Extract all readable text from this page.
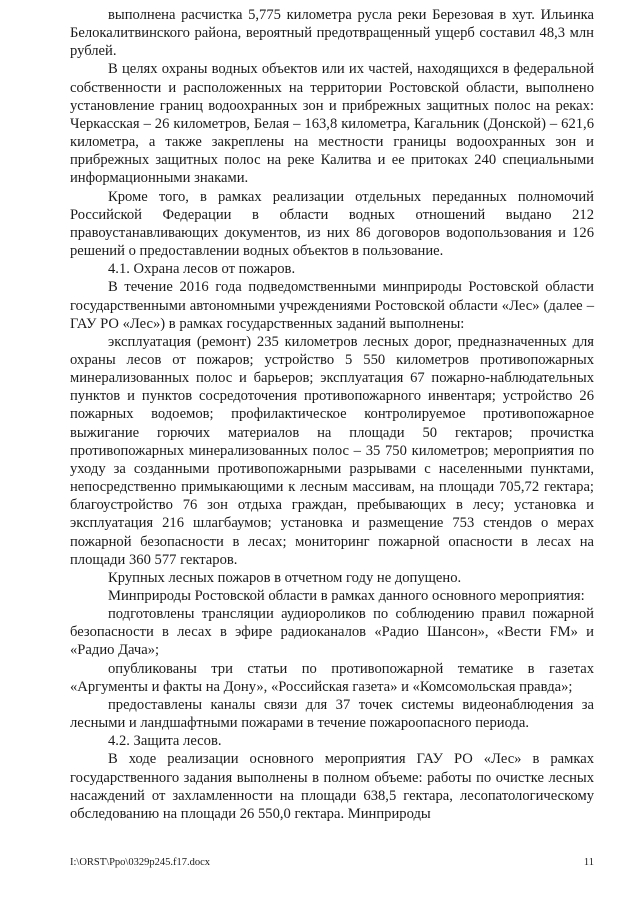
выполнена расчистка 5,775 километра русла реки Березовая в хут. Ильинка Белокалитвинского района, вероятный предотвращенный ущерб составил 48,3 млн рублей.

В целях охраны водных объектов или их частей, находящихся в федеральной собственности и расположенных на территории Ростовской области, выполнено установление границ водоохранных зон и прибрежных защитных полос на реках: Черкасская – 26 километров, Белая – 163,8 километра, Кагальник (Донской) – 621,6 километра, а также закреплены на местности границы водоохранных зон и прибрежных защитных полос на реке Калитва и ее притоках 240 специальными информационными знаками.

Кроме того, в рамках реализации отдельных переданных полномочий Российской Федерации в области водных отношений выдано 212 правоустанавливающих документов, из них 86 договоров водопользования и 126 решений о предоставлении водных объектов в пользование.

4.1. Охрана лесов от пожаров.

В течение 2016 года подведомственными минприроды Ростовской области государственными автономными учреждениями Ростовской области «Лес» (далее – ГАУ РО «Лес») в рамках государственных заданий выполнены:

эксплуатация (ремонт) 235 километров лесных дорог, предназначенных для охраны лесов от пожаров; устройство 5 550 километров противопожарных минерализованных полос и барьеров; эксплуатация 67 пожарно-наблюдательных пунктов и пунктов сосредоточения противопожарного инвентаря; устройство 26 пожарных водоемов; профилактическое контролируемое противопожарное выжигание горючих материалов на площади 50 гектаров; прочистка противопожарных минерализованных полос – 35 750 километров; мероприятия по уходу за созданными противопожарными разрывами с населенными пунктами, непосредственно примыкающими к лесным массивам, на площади 705,72 гектара; благоустройство 76 зон отдыха граждан, пребывающих в лесу; установка и эксплуатация 216 шлагбаумов; установка и размещение 753 стендов о мерах пожарной безопасности в лесах; мониторинг пожарной опасности в лесах на площади 360 577 гектаров.

Крупных лесных пожаров в отчетном году не допущено.

Минприроды Ростовской области в рамках данного основного мероприятия:

подготовлены трансляции аудиороликов по соблюдению правил пожарной безопасности в лесах в эфире радиоканалов «Радио Шансон», «Вести FM» и «Радио Дача»;

опубликованы три статьи по противопожарной тематике в газетах «Аргументы и факты на Дону», «Российская газета» и «Комсомольская правда»;

предоставлены каналы связи для 37 точек системы видеонаблюдения за лесными и ландшафтными пожарами в течение пожароопасного периода.

4.2. Защита лесов.

В ходе реализации основного мероприятия ГАУ РО «Лес» в рамках государственного задания выполнены в полном объеме: работы по очистке лесных насаждений от захламленности на площади 638,5 гектара, лесопатологическому обследованию на площади 26 550,0 гектара. Минприроды

I:\ORST\Ppo\0329p245.f17.docx	11
